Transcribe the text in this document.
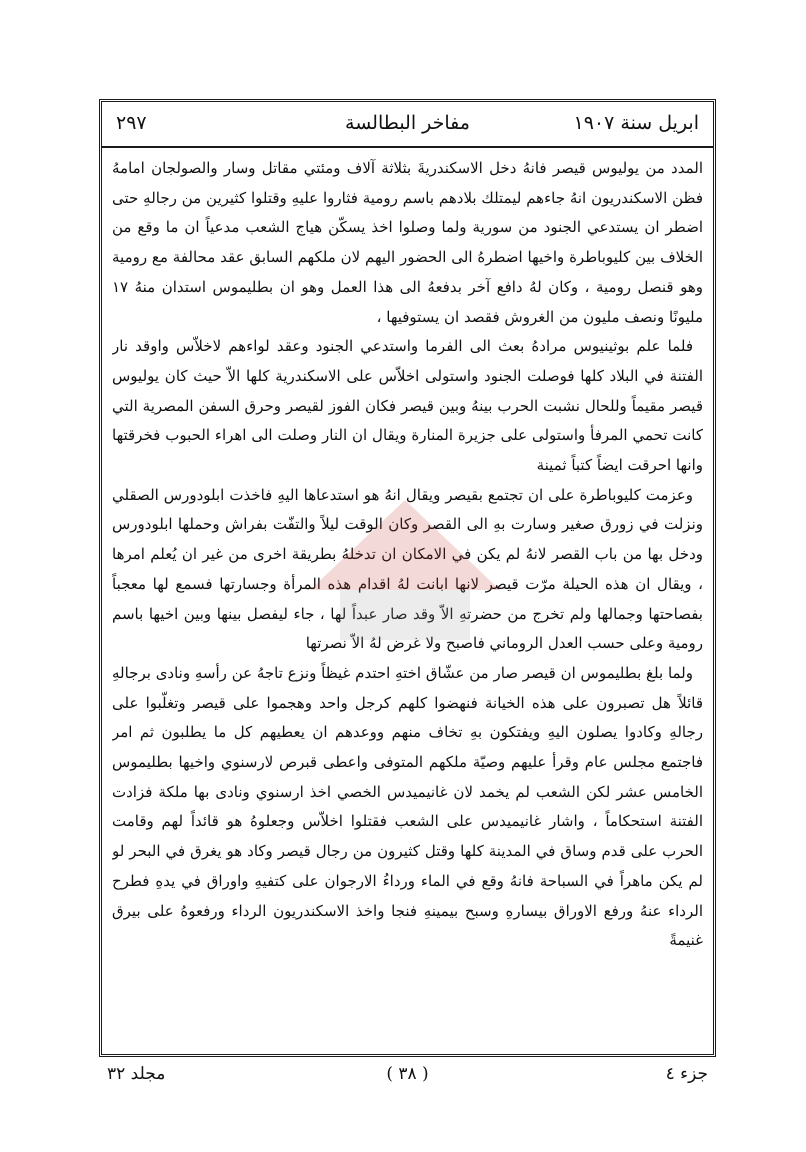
ابريل سنة ١٩٠٧
مفاخر البطالسة
٢٩٧

المدد من يوليوس قيصر فانهُ دخل الاسكندريةَ بثلاثة آلاف ومئتي مقاتل وسار والصولجان امامهُ فظن الاسكندريون انهُ جاءهم ليمتلك بلادهم باسم رومية فثاروا عليهِ وقتلوا كثيرين من رجالهِ حتى اضطر ان يستدعي الجنود من سورية ولما وصلوا اخذ يسكّن هياج الشعب مدعياً ان ما وقع من الخلاف بين كليوباطرة واخيها اضطرهُ الى الحضور اليهم لان ملكهم السابق عقد محالفة مع رومية وهو قنصل رومية ، وكان لهُ دافع آخر بدفعهُ الى هذا العمل وهو ان بطليموس استدان منهُ ١٧ مليونًا ونصف مليون من الغروش فقصد ان يستوفيها ،

فلما علم بوثينيوس مرادهُ بعث الى الفرما واستدعي الجنود وعقد لواءهم لاخلاّس واوقد نار الفتنة في البلاد كلها فوصلت الجنود واستولى اخلاّس على الاسكندرية كلها الاّ حيث كان يوليوس قيصر مقيماً وللحال نشبت الحرب بينهُ وبين قيصر فكان الفوز لقيصر وحرق السفن المصرية التي كانت تحمي المرفأ واستولى على جزيرة المنارة ويقال ان النار وصلت الى اهراء الحبوب فخرقتها وانها احرقت ايضاً كتباً ثمينة

وعزمت كليوباطرة على ان تجتمع بقيصر ويقال انهُ هو استدعاها اليهِ فاخذت ابلودورس الصقلي ونزلت في زورق صغير وسارت بهِ الى القصر وكان الوقت ليلاً والتفّت بفراش وحملها ابلودورس ودخل بها من باب القصر لانهُ لم يكن في الامكان ان تدخلهُ بطريقة اخرى من غير ان يُعلم امرها ، ويقال ان هذه الحيلة مرّت قيصر لانها ابانت لهُ اقدام هذه المرأة وجسارتها فسمع لها معجباً بفصاحتها وجمالها ولم تخرج من حضرتهِ الاّ وقد صار عبداً لها ، جاء ليفصل بينها وبين اخيها باسم رومية وعلى حسب العدل الروماني فاصبح ولا غرض لهُ الاّ نصرتها

ولما بلغ بطليموس ان قيصر صار من عشّاق اختهِ احتدم غيظاً ونزع تاجهُ عن رأسهِ ونادى برجالهِ قائلاً هل تصبرون على هذه الخيانة فنهضوا كلهم كرجل واحد وهجموا على قيصر وتغلّبوا على رجالهِ وكادوا يصلون اليهِ ويفتكون بهِ تخاف منهم ووعدهم ان يعطيهم كل ما يطلبون ثم امر فاجتمع مجلس عام وقرأ عليهم وصيّة ملكهم المتوفى واعطى قبرص لارسنوي واخيها بطليموس الخامس عشر لكن الشعب لم يخمد لان غانيميدس الخصي اخذ ارسنوي ونادى بها ملكة فزادت الفتنة استحكاماً ، واشار غانيميدس على الشعب فقتلوا اخلاّس وجعلوهُ هو قائداً لهم وقامت الحرب على قدم وساق في المدينة كلها وقتل كثيرون من رجال قيصر وكاد هو يغرق في البحر لو لم يكن ماهراً في السباحة فانهُ وقع في الماء ورداءُ الارجوان على كتفيهِ واوراق في يدهِ فطرح الرداء عنهُ ورفع الاوراق بيسارهِ وسبح بيمينهِ فنجا واخذ الاسكندريون الرداء ورفعوهُ على بيرق غنيمةً

جزء ٤
( ٣٨ )
مجلد ٣٢
